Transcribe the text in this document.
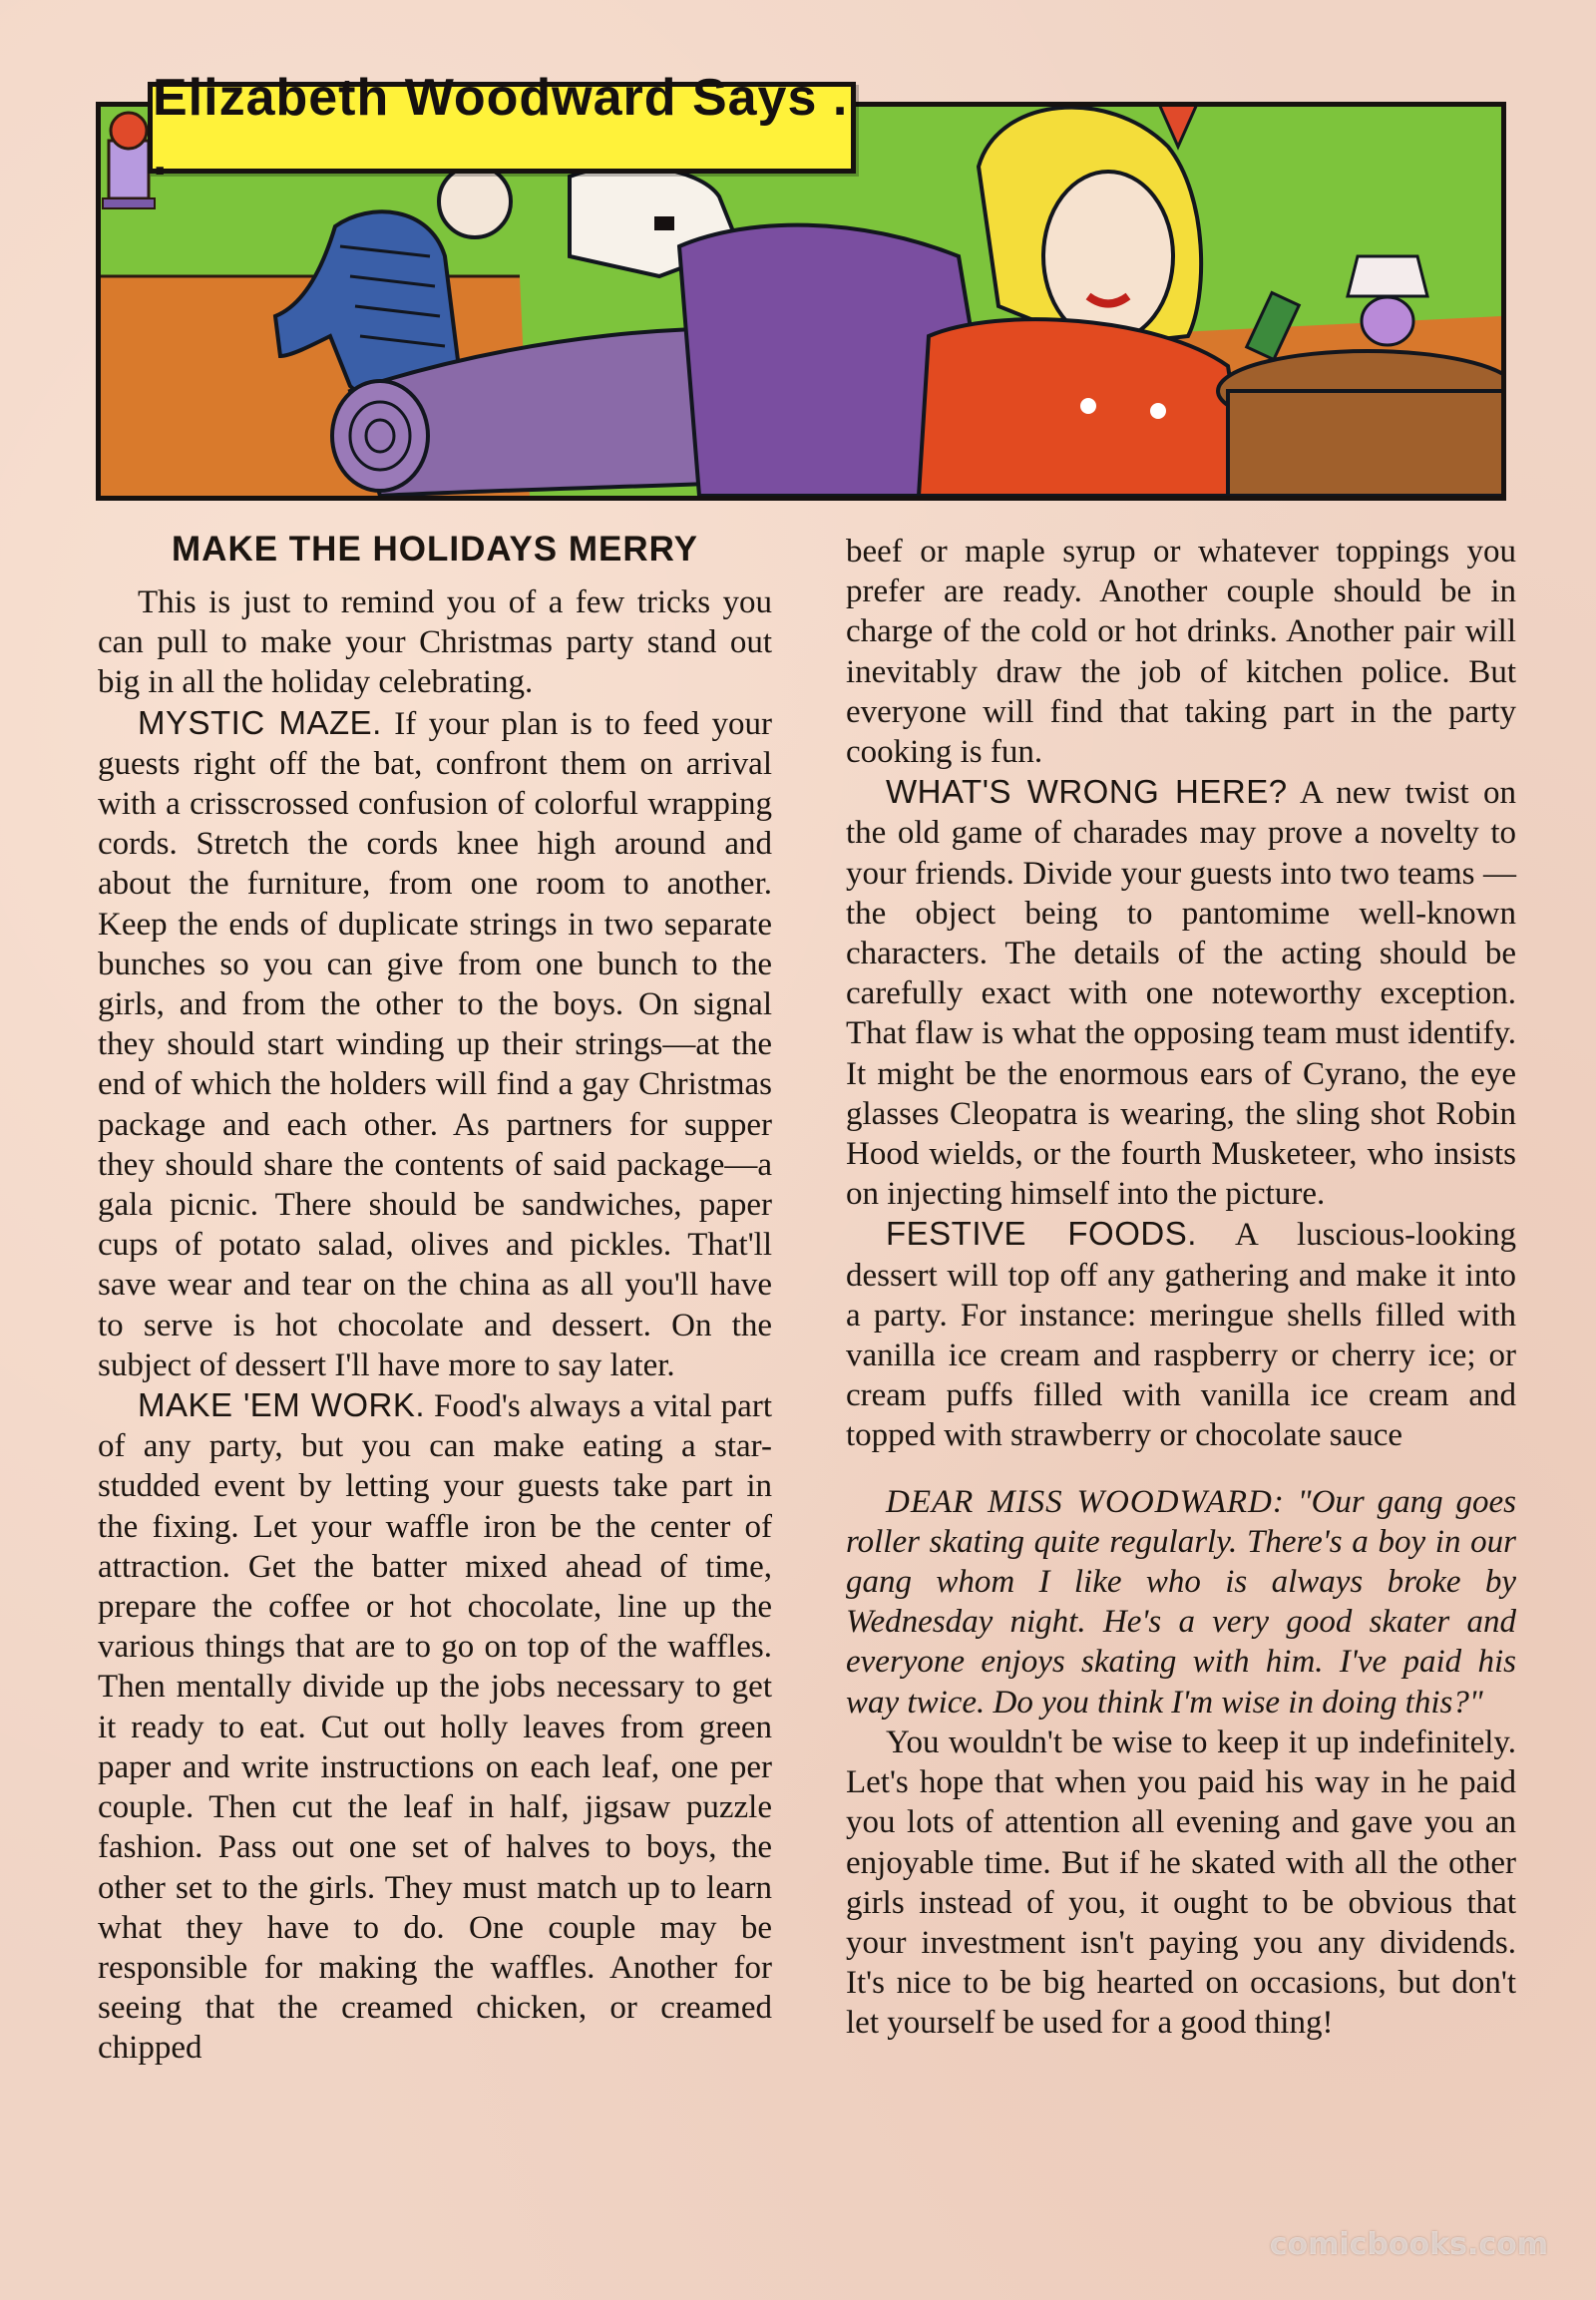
Elizabeth Woodward Says . .
MAKE THE HOLIDAYS MERRY

This is just to remind you of a few tricks you can pull to make your Christmas party stand out big in all the holiday celebrating.

MYSTIC MAZE. If your plan is to feed your guests right off the bat, confront them on arrival with a crisscrossed confusion of colorful wrapping cords. Stretch the cords knee high around and about the furniture, from one room to another. Keep the ends of duplicate strings in two separate bunches so you can give from one bunch to the girls, and from the other to the boys. On signal they should start winding up their strings—at the end of which the holders will find a gay Christmas package and each other. As partners for supper they should share the contents of said package—a gala picnic. There should be sandwiches, paper cups of potato salad, olives and pickles. That'll save wear and tear on the china as all you'll have to serve is hot chocolate and dessert. On the subject of dessert I'll have more to say later.

MAKE 'EM WORK. Food's always a vital part of any party, but you can make eating a star-studded event by letting your guests take part in the fixing. Let your waffle iron be the center of attraction. Get the batter mixed ahead of time, prepare the coffee or hot chocolate, line up the various things that are to go on top of the waffles. Then mentally divide up the jobs necessary to get it ready to eat. Cut out holly leaves from green paper and write instructions on each leaf, one per couple. Then cut the leaf in half, jigsaw puzzle fashion. Pass out one set of halves to boys, the other set to the girls. They must match up to learn what they have to do. One couple may be responsible for making the waffles. Another for seeing that the creamed chicken, or creamed chipped

beef or maple syrup or whatever toppings you prefer are ready. Another couple should be in charge of the cold or hot drinks. Another pair will inevitably draw the job of kitchen police. But everyone will find that taking part in the party cooking is fun.

WHAT'S WRONG HERE? A new twist on the old game of charades may prove a novelty to your friends. Divide your guests into two teams — the object being to pantomime well-known characters. The details of the acting should be carefully exact with one noteworthy exception. That flaw is what the opposing team must identify. It might be the enormous ears of Cyrano, the eye glasses Cleopatra is wearing, the sling shot Robin Hood wields, or the fourth Musketeer, who insists on injecting himself into the picture.

FESTIVE FOODS. A luscious-looking dessert will top off any gathering and make it into a party. For instance: meringue shells filled with vanilla ice cream and raspberry or cherry ice; or cream puffs filled with vanilla ice cream and topped with strawberry or chocolate sauce

DEAR MISS WOODWARD: "Our gang goes roller skating quite regularly. There's a boy in our gang whom I like who is always broke by Wednesday night. He's a very good skater and everyone enjoys skating with him. I've paid his way twice. Do you think I'm wise in doing this?"

You wouldn't be wise to keep it up indefinitely. Let's hope that when you paid his way in he paid you lots of attention all evening and gave you an enjoyable time. But if he skated with all the other girls instead of you, it ought to be obvious that your investment isn't paying you any dividends. It's nice to be big hearted on occasions, but don't let yourself be used for a good thing!

comicbooks.com
